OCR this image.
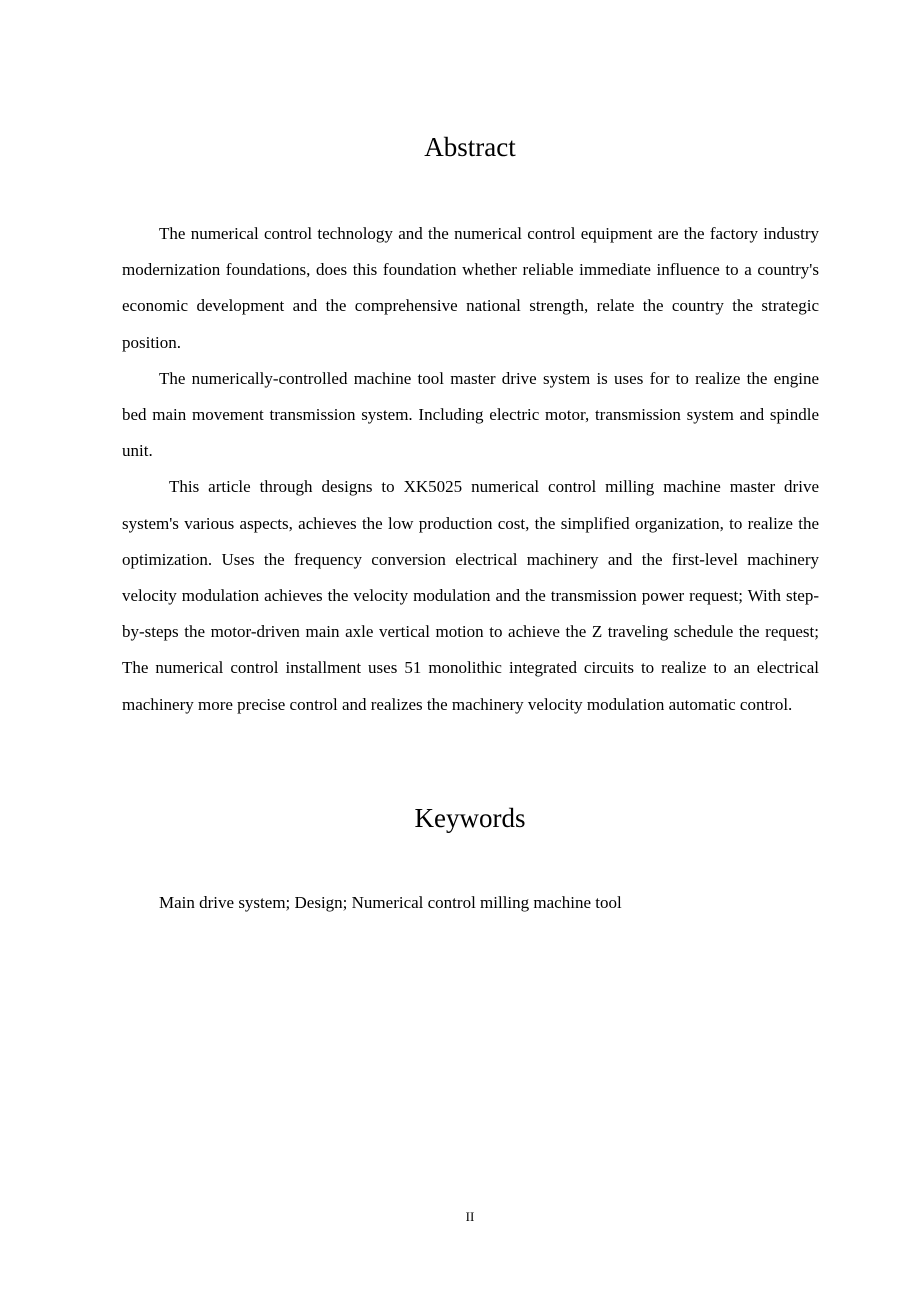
Abstract

The numerical control technology and the numerical control equipment are the factory industry modernization foundations, does this foundation whether reliable immediate influence to a country's economic development and the comprehensive national strength, relate the country the strategic position.

The numerically-controlled machine tool master drive system is uses for to realize the engine bed main movement transmission system. Including electric motor, transmission system and spindle unit.

This article through designs to XK5025 numerical control milling machine master drive system's various aspects, achieves the low production cost, the simplified organization, to realize the optimization. Uses the frequency conversion electrical machinery and the first-level machinery velocity modulation achieves the velocity modulation and the transmission power request; With step-by-steps the motor-driven main axle vertical motion to achieve the Z traveling schedule the request; The numerical control installment uses 51 monolithic integrated circuits to realize to an electrical machinery more precise control and realizes the machinery velocity modulation automatic control.

Keywords

Main drive system; Design; Numerical control milling machine tool

II
